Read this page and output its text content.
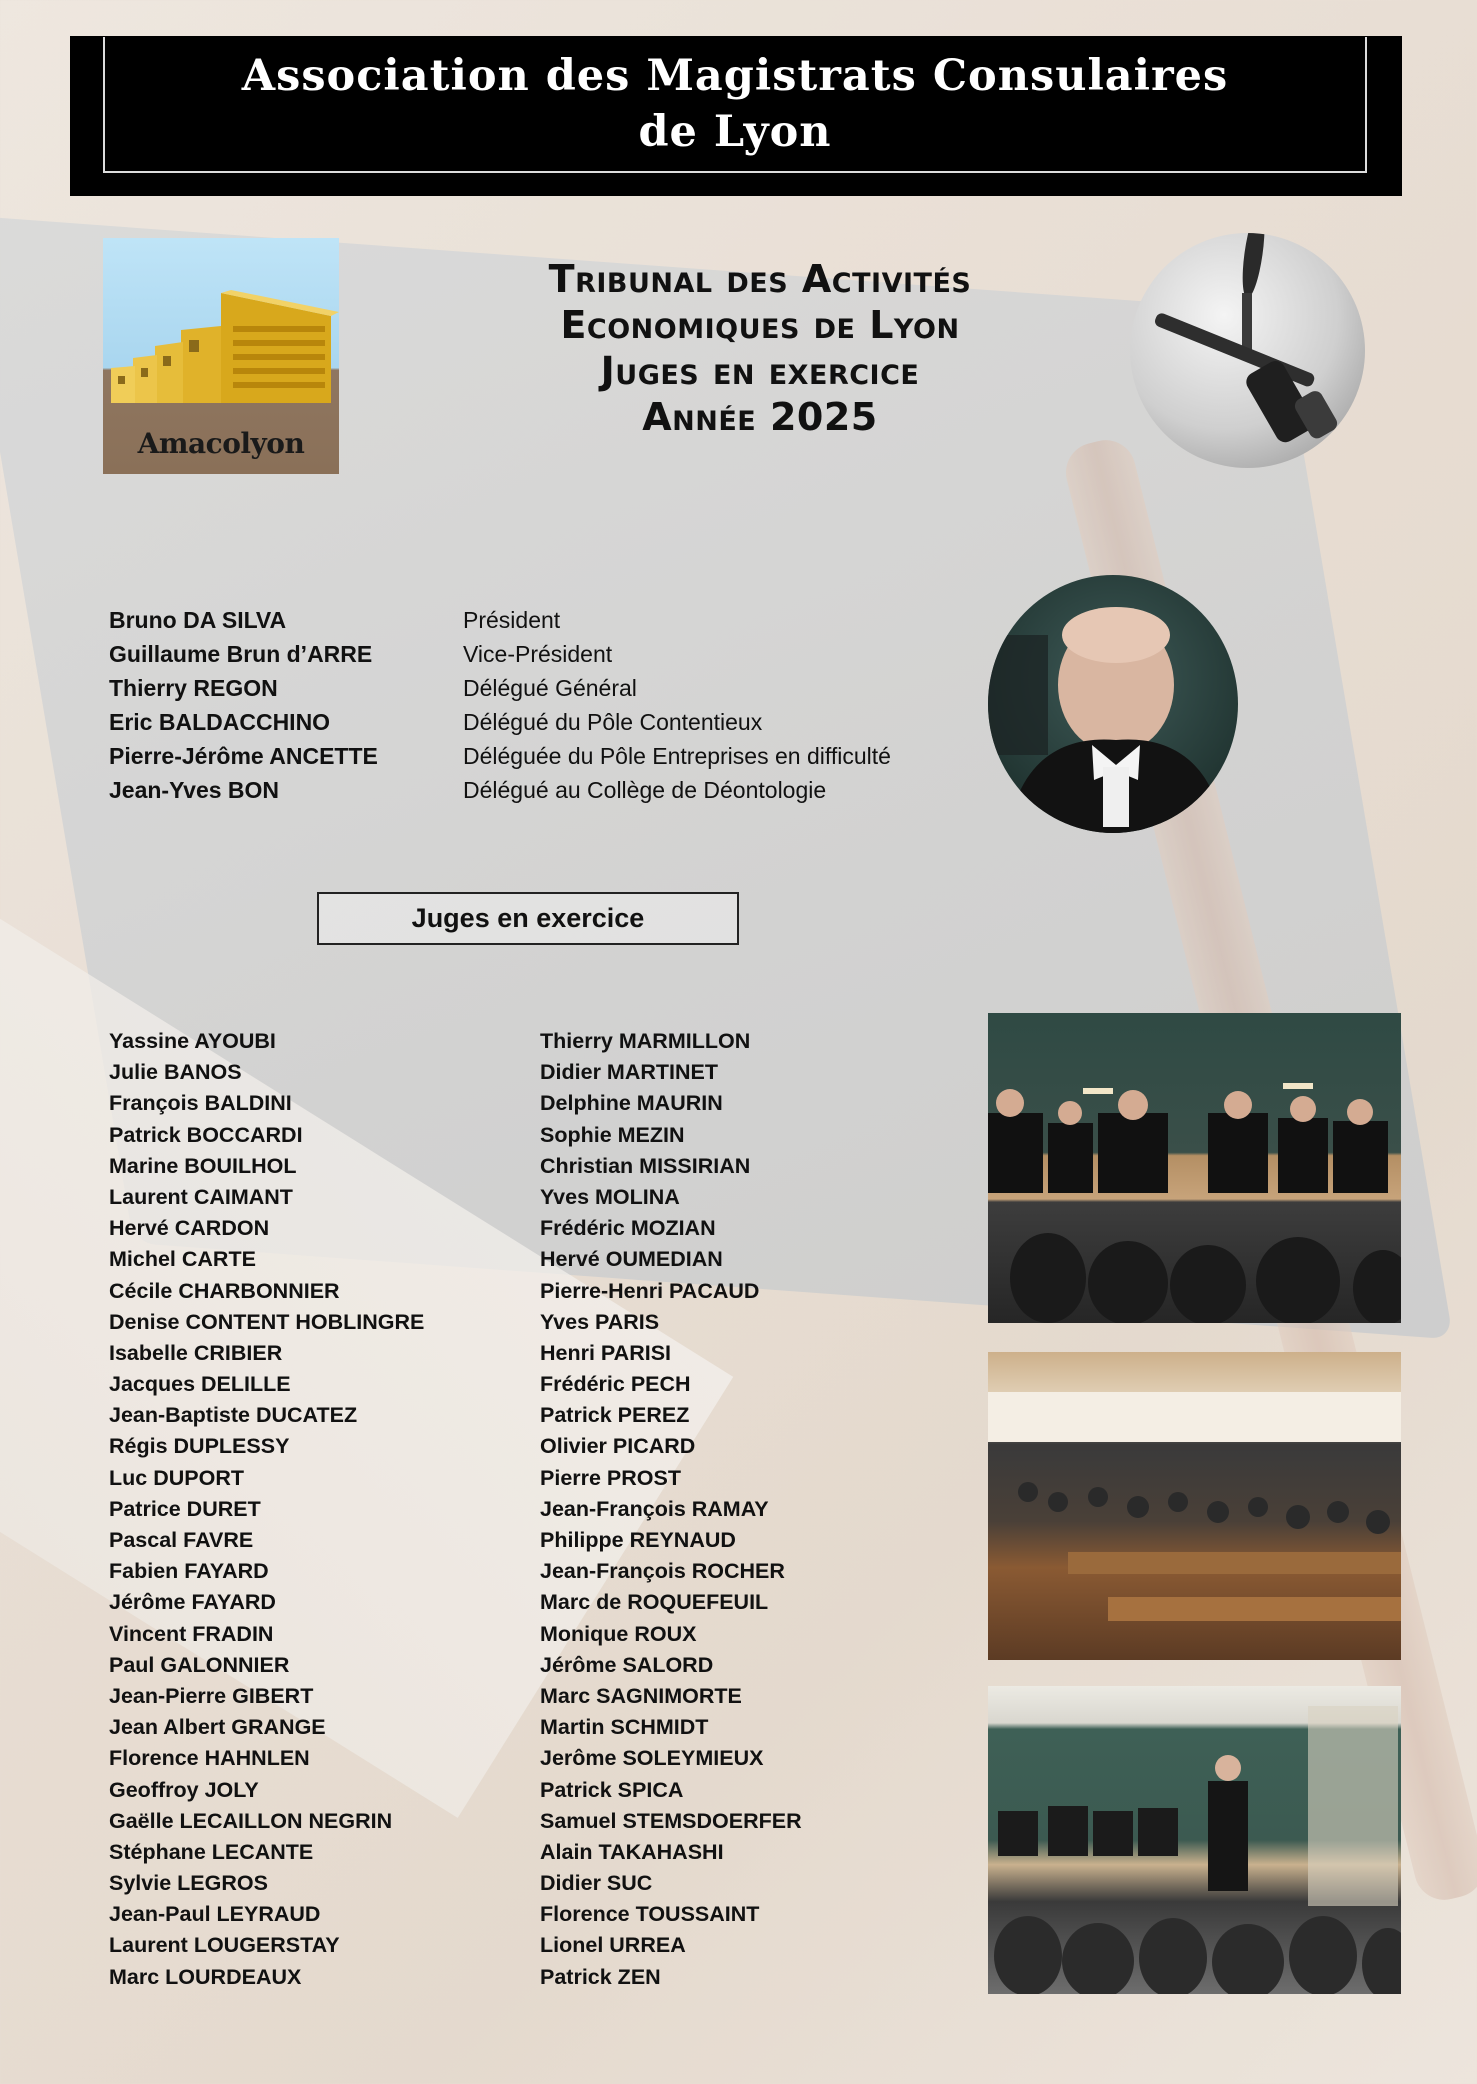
Association des Magistrats Consulaires
de Lyon
Amacolyon
Tribunal des Activités
Economiques de Lyon
Juges en exercice
Année 2025
Bruno DA SILVA	Président
Guillaume Brun d’ARRE	Vice-Président
Thierry REGON	Délégué Général
Eric BALDACCHINO	Délégué du Pôle Contentieux
Pierre-Jérôme ANCETTE	Déléguée du Pôle Entreprises en difficulté
Jean-Yves BON	Délégué au Collège de Déontologie
Juges en exercice
Yassine AYOUBI
Julie BANOS
François BALDINI
Patrick BOCCARDI
Marine BOUILHOL
Laurent CAIMANT
Hervé CARDON
Michel CARTE
Cécile CHARBONNIER
Denise CONTENT HOBLINGRE
Isabelle CRIBIER
Jacques DELILLE
Jean-Baptiste DUCATEZ
Régis DUPLESSY
Luc DUPORT
Patrice DURET
Pascal FAVRE
Fabien FAYARD
Jérôme FAYARD
Vincent FRADIN
Paul GALONNIER
Jean-Pierre GIBERT
Jean Albert GRANGE
Florence HAHNLEN
Geoffroy JOLY
Gaëlle LECAILLON NEGRIN
Stéphane LECANTE
Sylvie LEGROS
Jean-Paul LEYRAUD
Laurent LOUGERSTAY
Marc LOURDEAUX
Thierry MARMILLON
Didier MARTINET
Delphine MAURIN
Sophie MEZIN
Christian MISSIRIAN
Yves MOLINA
Frédéric MOZIAN
Hervé OUMEDIAN
Pierre-Henri PACAUD
Yves PARIS
Henri PARISI
Frédéric PECH
Patrick PEREZ
Olivier PICARD
Pierre PROST
Jean-François RAMAY
Philippe REYNAUD
Jean-François ROCHER
Marc de ROQUEFEUIL
Monique ROUX
Jérôme SALORD
Marc SAGNIMORTE
Martin SCHMIDT
Jerôme SOLEYMIEUX
Patrick SPICA
Samuel STEMSDOERFER
Alain TAKAHASHI
Didier SUC
Florence TOUSSAINT
Lionel URREA
Patrick ZEN
